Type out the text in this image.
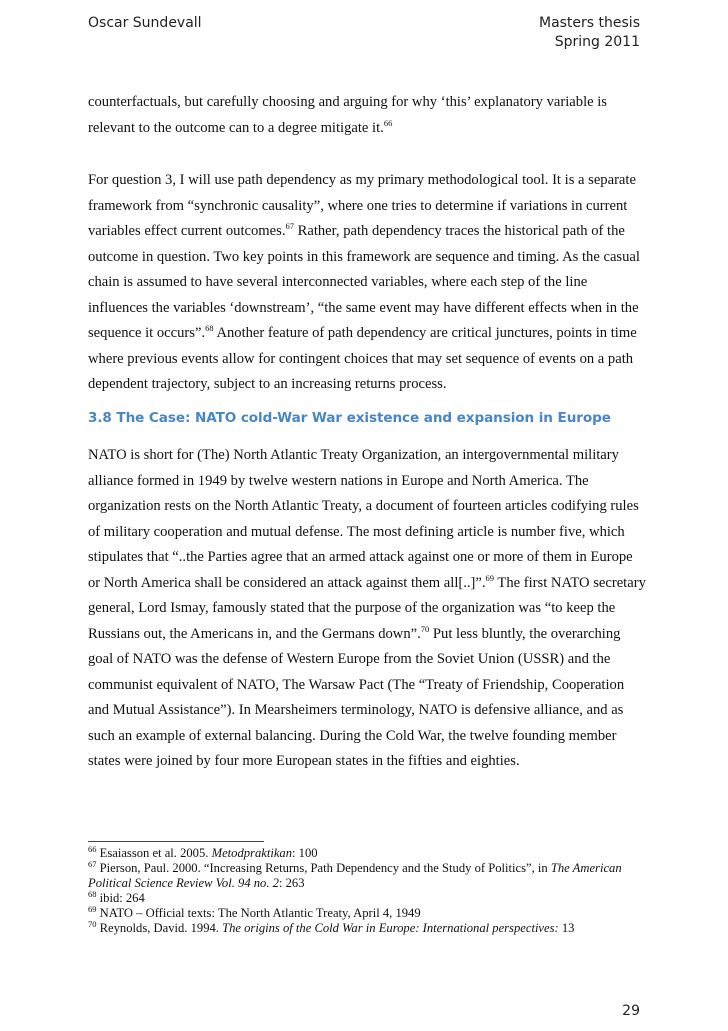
Oscar Sundevall	Masters thesis
Spring 2011

counterfactuals, but carefully choosing and arguing for why ‘this’ explanatory variable is relevant to the outcome can to a degree mitigate it.$^{66}$

For question 3, I will use path dependency as my primary methodological tool. It is a separate framework from “synchronic causality”, where one tries to determine if variations in current variables effect current outcomes.$^{67}$ Rather, path dependency traces the historical path of the outcome in question. Two key points in this framework are sequence and timing. As the casual chain is assumed to have several interconnected variables, where each step of the line influences the variables ‘downstream’, “the same event may have different effects when in the sequence it occurs”.$^{68}$ Another feature of path dependency are critical junctures, points in time where previous events allow for contingent choices that may set sequence of events on a path dependent trajectory, subject to an increasing returns process.

3.8 The Case: NATO cold-War War existence and expansion in Europe

NATO is short for (The) North Atlantic Treaty Organization, an intergovernmental military alliance formed in 1949 by twelve western nations in Europe and North America. The organization rests on the North Atlantic Treaty, a document of fourteen articles codifying rules of military cooperation and mutual defense. The most defining article is number five, which stipulates that “..the Parties agree that an armed attack against one or more of them in Europe or North America shall be considered an attack against them all[..]”.$^{69}$ The first NATO secretary general, Lord Ismay, famously stated that the purpose of the organization was “to keep the Russians out, the Americans in, and the Germans down”.$^{70}$ Put less bluntly, the overarching goal of NATO was the defense of Western Europe from the Soviet Union (USSR) and the communist equivalent of NATO, The Warsaw Pact (The “Treaty of Friendship, Cooperation and Mutual Assistance”). In Mearsheimers terminology, NATO is defensive alliance, and as such an example of external balancing. During the Cold War, the twelve founding member states were joined by four more European states in the fifties and eighties.

$^{66}$ Esaiasson et al. 2005. Metodpraktikan: 100
$^{67}$ Pierson, Paul. 2000. “Increasing Returns, Path Dependency and the Study of Politics”, in The American Political Science Review Vol. 94 no. 2: 263
$^{68}$ ibid: 264
$^{69}$ NATO – Official texts: The North Atlantic Treaty, April 4, 1949
$^{70}$ Reynolds, David. 1994. The origins of the Cold War in Europe: International perspectives: 13
29
